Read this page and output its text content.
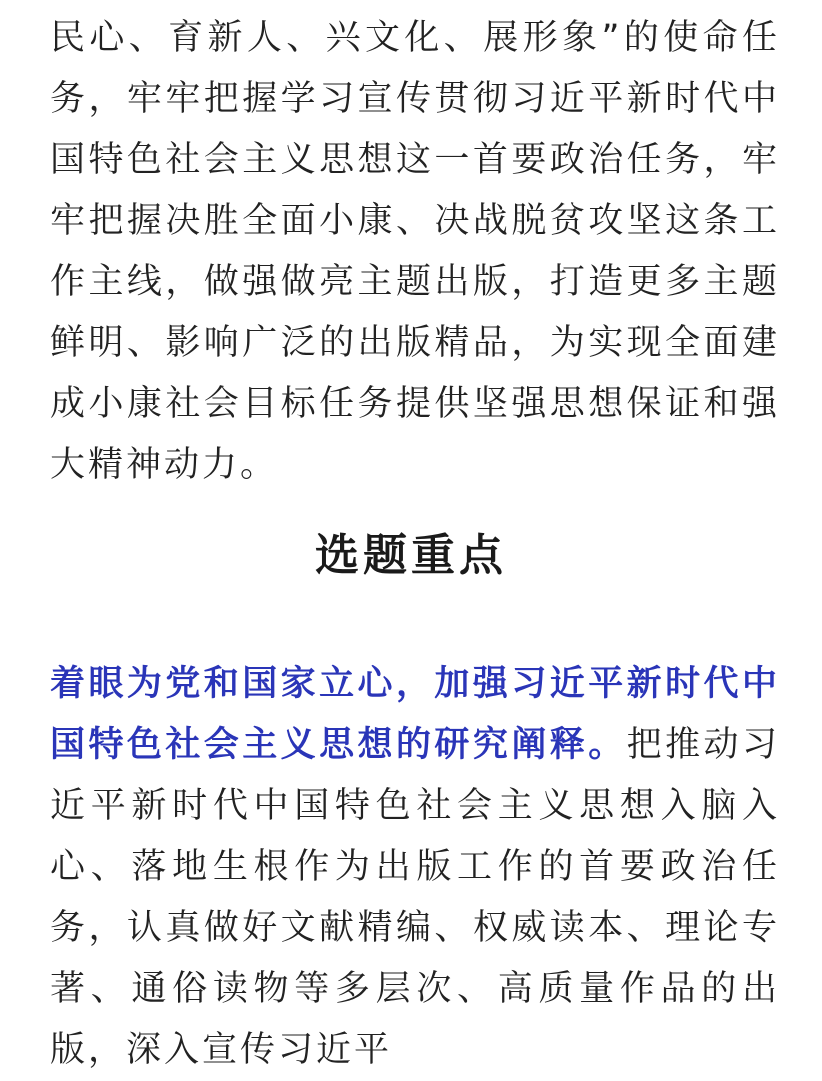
民心、育新人、兴文化、展形象”的使命任务，牢牢把握学习宣传贯彻习近平新时代中国特色社会主义思想这一首要政治任务，牢牢把握决胜全面小康、决战脱贫攻坚这条工作主线，做强做亮主题出版，打造更多主题鲜明、影响广泛的出版精品，为实现全面建成小康社会目标任务提供坚强思想保证和强大精神动力。

选题重点

着眼为党和国家立心，加强习近平新时代中国特色社会主义思想的研究阐释。把推动习近平新时代中国特色社会主义思想入脑入心、落地生根作为出版工作的首要政治任务，认真做好文献精编、权威读本、理论专著、通俗读物等多层次、高质量作品的出版，深入宣传习近平
